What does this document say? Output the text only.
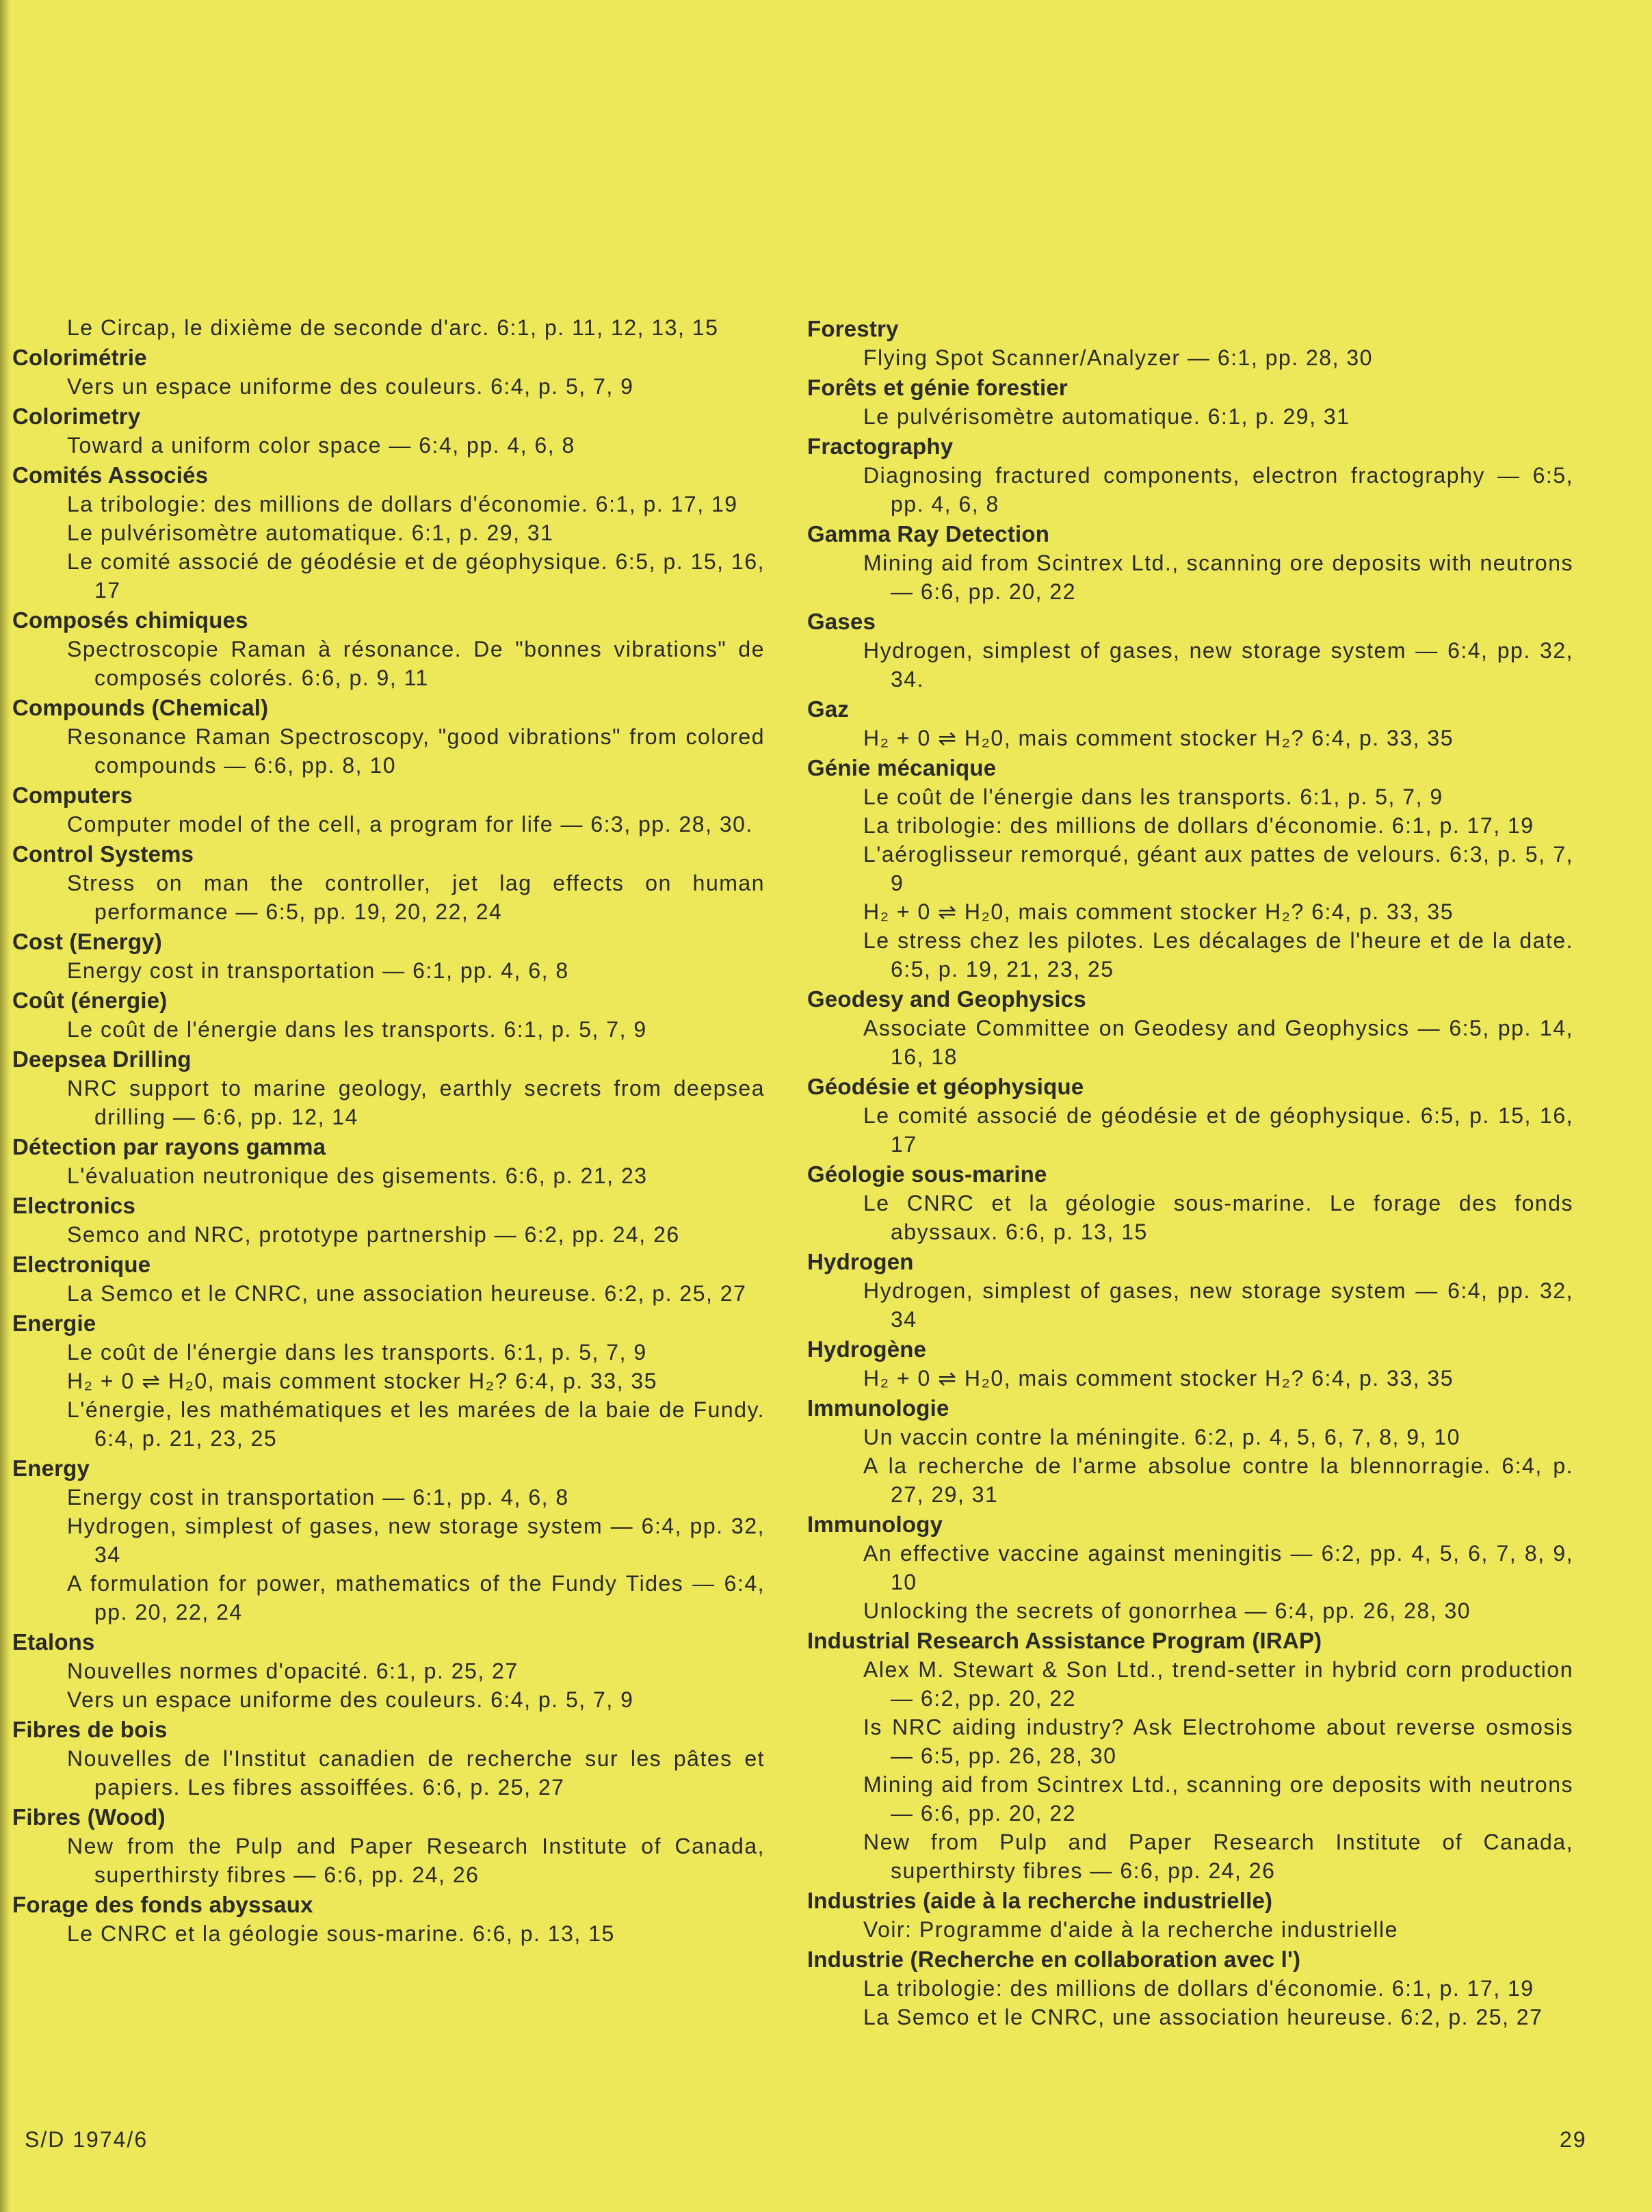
Le Circap, le dixième de seconde d'arc. 6:1, p. 11, 12, 13, 15
Colorimétrie
Vers un espace uniforme des couleurs. 6:4, p. 5, 7, 9
Colorimetry
Toward a uniform color space — 6:4, pp. 4, 6, 8
Comités Associés
La tribologie: des millions de dollars d'économie. 6:1, p. 17, 19
Le pulvérisomètre automatique. 6:1, p. 29, 31
Le comité associé de géodésie et de géophysique. 6:5, p. 15, 16, 17
Composés chimiques
Spectroscopie Raman à résonance. De "bonnes vibrations" de composés colorés. 6:6, p. 9, 11
Compounds (Chemical)
Resonance Raman Spectroscopy, "good vibrations" from colored compounds — 6:6, pp. 8, 10
Computers
Computer model of the cell, a program for life — 6:3, pp. 28, 30.
Control Systems
Stress on man the controller, jet lag effects on human performance — 6:5, pp. 19, 20, 22, 24
Cost (Energy)
Energy cost in transportation — 6:1, pp. 4, 6, 8
Coût (énergie)
Le coût de l'énergie dans les transports. 6:1, p. 5, 7, 9
Deepsea Drilling
NRC support to marine geology, earthly secrets from deepsea drilling — 6:6, pp. 12, 14
Détection par rayons gamma
L'évaluation neutronique des gisements. 6:6, p. 21, 23
Electronics
Semco and NRC, prototype partnership — 6:2, pp. 24, 26
Electronique
La Semco et le CNRC, une association heureuse. 6:2, p. 25, 27
Energie
Le coût de l'énergie dans les transports. 6:1, p. 5, 7, 9
H₂ + 0 ⇌ H₂0, mais comment stocker H₂? 6:4, p. 33, 35
L'énergie, les mathématiques et les marées de la baie de Fundy. 6:4, p. 21, 23, 25
Energy
Energy cost in transportation — 6:1, pp. 4, 6, 8
Hydrogen, simplest of gases, new storage system — 6:4, pp. 32, 34
A formulation for power, mathematics of the Fundy Tides — 6:4, pp. 20, 22, 24
Etalons
Nouvelles normes d'opacité. 6:1, p. 25, 27
Vers un espace uniforme des couleurs. 6:4, p. 5, 7, 9
Fibres de bois
Nouvelles de l'Institut canadien de recherche sur les pâtes et papiers. Les fibres assoiffées. 6:6, p. 25, 27
Fibres (Wood)
New from the Pulp and Paper Research Institute of Canada, superthirsty fibres — 6:6, pp. 24, 26
Forage des fonds abyssaux
Le CNRC et la géologie sous-marine. 6:6, p. 13, 15
Forestry
Flying Spot Scanner/Analyzer — 6:1, pp. 28, 30
Forêts et génie forestier
Le pulvérisomètre automatique. 6:1, p. 29, 31
Fractography
Diagnosing fractured components, electron fractography — 6:5, pp. 4, 6, 8
Gamma Ray Detection
Mining aid from Scintrex Ltd., scanning ore deposits with neutrons — 6:6, pp. 20, 22
Gases
Hydrogen, simplest of gases, new storage system — 6:4, pp. 32, 34.
Gaz
H₂ + 0 ⇌ H₂0, mais comment stocker H₂? 6:4, p. 33, 35
Génie mécanique
Le coût de l'énergie dans les transports. 6:1, p. 5, 7, 9
La tribologie: des millions de dollars d'économie. 6:1, p. 17, 19
L'aéroglisseur remorqué, géant aux pattes de velours. 6:3, p. 5, 7, 9
H₂ + 0 ⇌ H₂0, mais comment stocker H₂? 6:4, p. 33, 35
Le stress chez les pilotes. Les décalages de l'heure et de la date. 6:5, p. 19, 21, 23, 25
Geodesy and Geophysics
Associate Committee on Geodesy and Geophysics — 6:5, pp. 14, 16, 18
Géodésie et géophysique
Le comité associé de géodésie et de géophysique. 6:5, p. 15, 16, 17
Géologie sous-marine
Le CNRC et la géologie sous-marine. Le forage des fonds abyssaux. 6:6, p. 13, 15
Hydrogen
Hydrogen, simplest of gases, new storage system — 6:4, pp. 32, 34
Hydrogène
H₂ + 0 ⇌ H₂0, mais comment stocker H₂? 6:4, p. 33, 35
Immunologie
Un vaccin contre la méningite. 6:2, p. 4, 5, 6, 7, 8, 9, 10
A la recherche de l'arme absolue contre la blennorragie. 6:4, p. 27, 29, 31
Immunology
An effective vaccine against meningitis — 6:2, pp. 4, 5, 6, 7, 8, 9, 10
Unlocking the secrets of gonorrhea — 6:4, pp. 26, 28, 30
Industrial Research Assistance Program (IRAP)
Alex M. Stewart & Son Ltd., trend-setter in hybrid corn production — 6:2, pp. 20, 22
Is NRC aiding industry? Ask Electrohome about reverse osmosis — 6:5, pp. 26, 28, 30
Mining aid from Scintrex Ltd., scanning ore deposits with neutrons — 6:6, pp. 20, 22
New from Pulp and Paper Research Institute of Canada, superthirsty fibres — 6:6, pp. 24, 26
Industries (aide à la recherche industrielle)
Voir: Programme d'aide à la recherche industrielle
Industrie (Recherche en collaboration avec l')
La tribologie: des millions de dollars d'économie. 6:1, p. 17, 19
La Semco et le CNRC, une association heureuse. 6:2, p. 25, 27
S/D 1974/6	29
